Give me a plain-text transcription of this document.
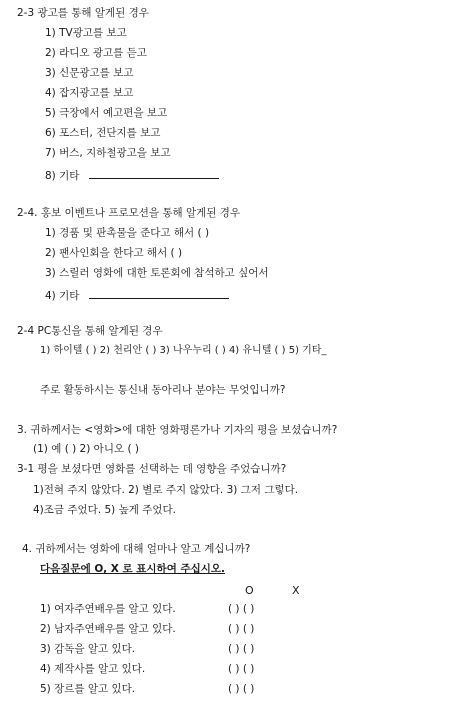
2-3 광고를 통해 알게된 경우
1) TV광고를 보고
2) 라디오 광고를 듣고
3) 신문광고를 보고
4) 잡지광고를 보고
5) 극장에서 예고편을 보고
6) 포스터, 전단지를 보고
7) 버스, 지하철광고을 보고
8) 기타
2-4. 홍보 이벤트나 프로모션을 통해 알게된 경우
1) 경품 및 판촉물을 준다고 해서 ( )
2) 팬사인회을 한다고 해서 ( )
3) 스릴러 영화에 대한 토론회에 참석하고 싶어서
4) 기타
2-4 PC통신을 통해 알게된 경우
1) 하이텔 ( ) 2) 천리안 ( ) 3) 나우누리 ( ) 4) 유니텔 ( ) 5) 기타_
주로 활동하시는 통신내 동아리나 분야는 무엇입니까?
3. 귀하께서는 <영화>에 대한 영화평론가나 기자의 평을 보셨습니까?
(1) 예 ( ) 2) 아니오 ( )
3-1 평을 보셨다면 영화를 선택하는 데 영향을 주었습니까?
1)전혀 주지 않았다. 2) 별로 주지 않았다. 3) 그저 그렇다.
4)조금 주었다. 5) 높게 주었다.
4. 귀하께서는 영화에 대해 얼마나 알고 계십니까?
다음질문에 O, X 로 표시하여 주십시오.
O	X
1) 여자주연배우를 알고 있다.	( ) ( )
2) 남자주연배우를 알고 있다.	( ) ( )
3) 감독을 알고 있다.	( ) ( )
4) 제작사를 알고 있다.	( ) ( )
5) 장르를 알고 있다.	( ) ( )
